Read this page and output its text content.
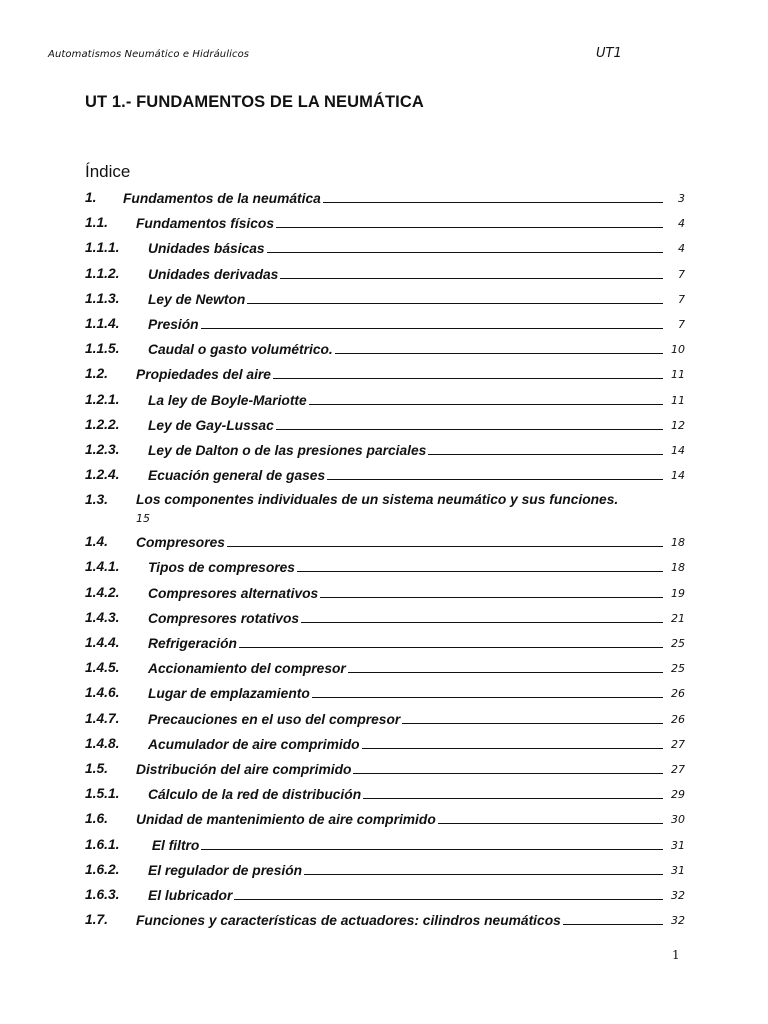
Automatismos Neumático e Hidráulicos	UT1
UT 1.- FUNDAMENTOS DE LA NEUMÁTICA
Índice
1.	Fundamentos de la neumática	3
1.1.	Fundamentos físicos	4
1.1.1.	Unidades básicas	4
1.1.2.	Unidades derivadas	7
1.1.3.	Ley de Newton	7
1.1.4.	Presión	7
1.1.5.	Caudal o gasto volumétrico.	10
1.2.	Propiedades del aire	11
1.2.1.	La ley de Boyle-Mariotte	11
1.2.2.	Ley de Gay-Lussac	12
1.2.3.	Ley de Dalton o de las presiones parciales	14
1.2.4.	Ecuación general de gases	14
1.3.	Los componentes individuales de un sistema neumático y sus funciones.
15
1.4.	Compresores	18
1.4.1.	Tipos de compresores	18
1.4.2.	Compresores alternativos	19
1.4.3.	Compresores rotativos	21
1.4.4.	Refrigeración	25
1.4.5.	Accionamiento del compresor	25
1.4.6.	Lugar de emplazamiento	26
1.4.7.	Precauciones en el uso del compresor	26
1.4.8.	Acumulador de aire comprimido	27
1.5.	Distribución del aire comprimido	27
1.5.1.	Cálculo de la red de distribución	29
1.6.	Unidad de mantenimiento de aire comprimido	30
1.6.1.	El filtro	31
1.6.2.	El regulador de presión	31
1.6.3.	El lubricador	32
1.7.	Funciones y características de actuadores: cilindros neumáticos	32
1
